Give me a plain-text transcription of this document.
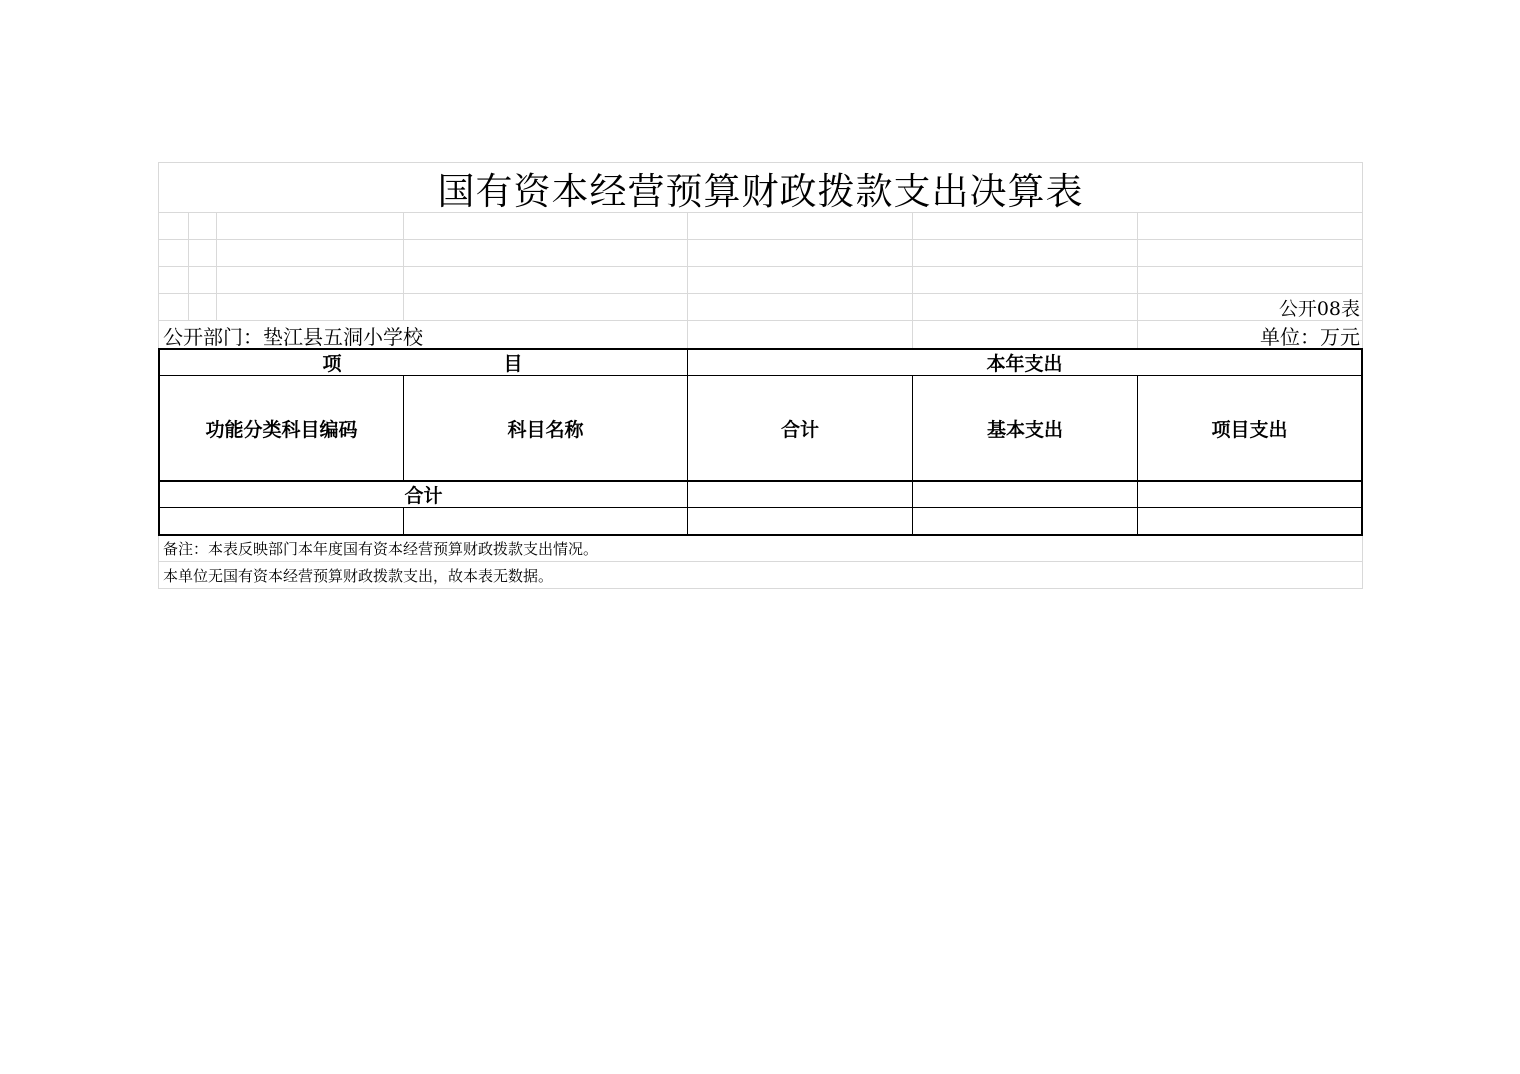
国有资本经营预算财政拨款支出决算表
公开08表
公开部门：垫江县五洞小学校	单位：万元
项	目	本年支出
功能分类科目编码	科目名称	合计	基本支出	项目支出
合计
备注：本表反映部门本年度国有资本经营预算财政拨款支出情况。
本单位无国有资本经营预算财政拨款支出，故本表无数据。
